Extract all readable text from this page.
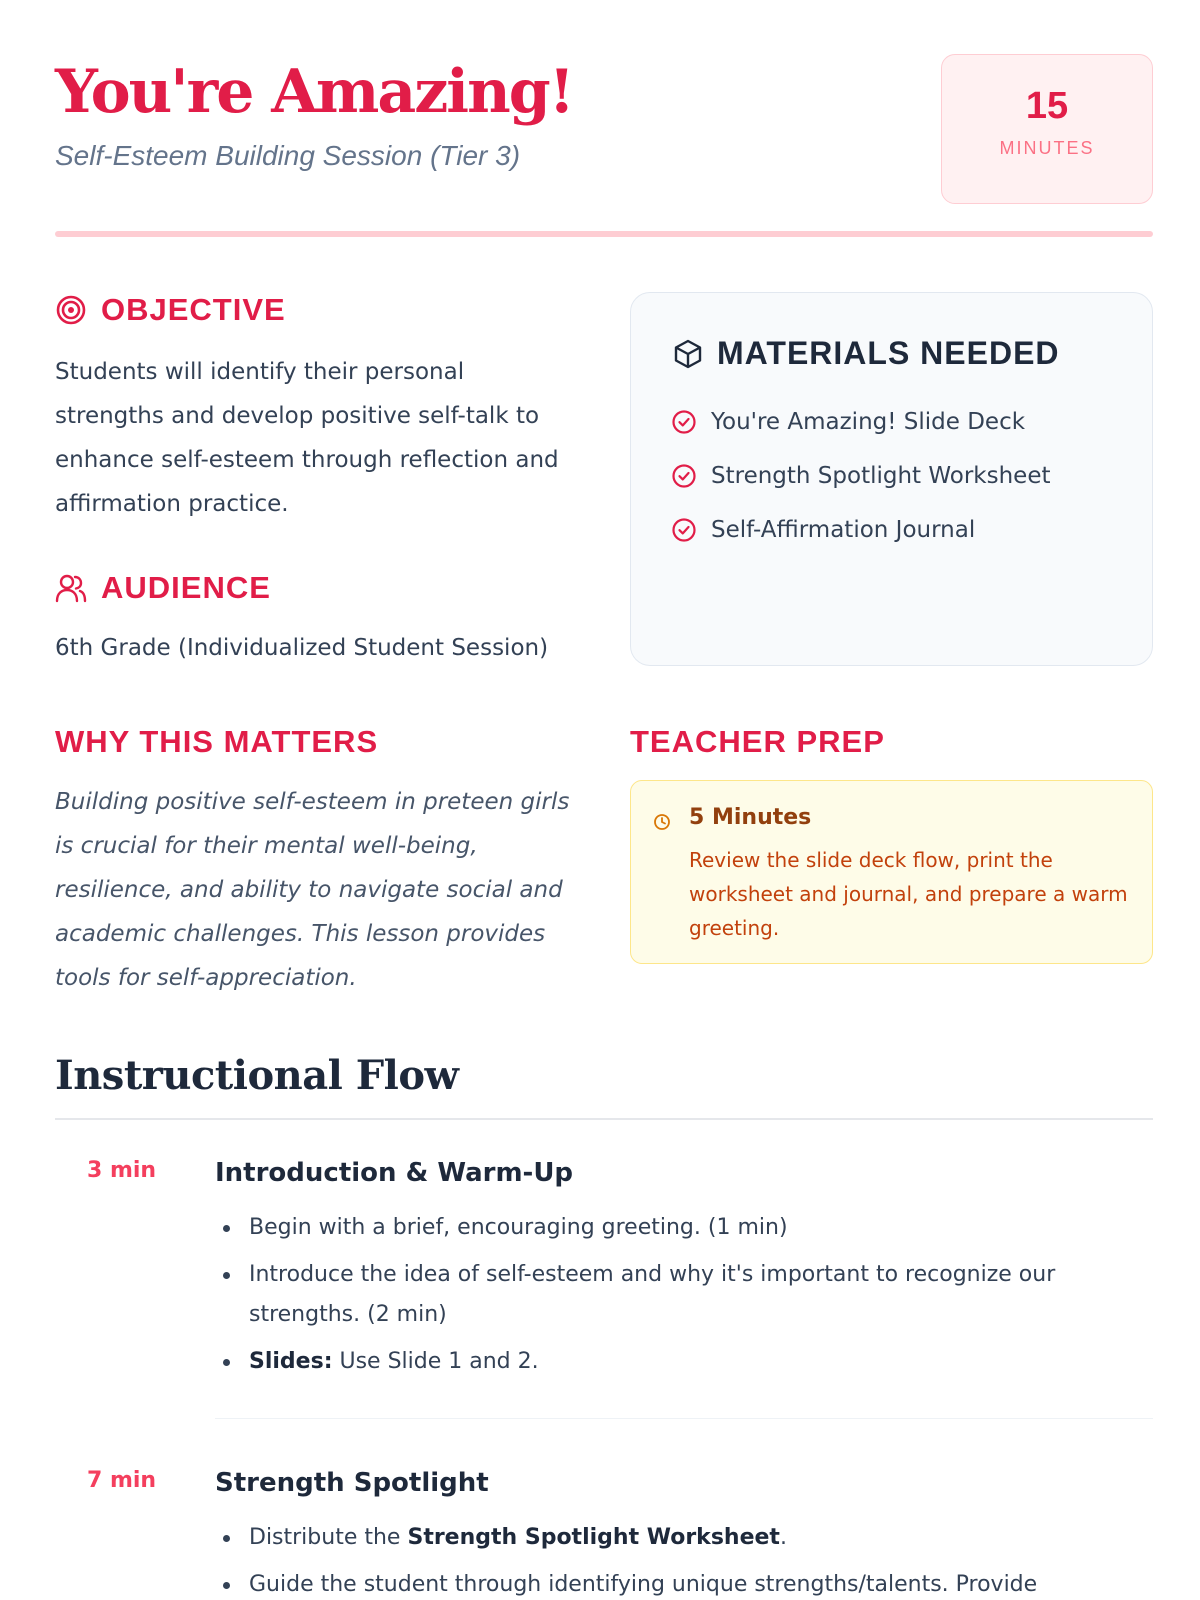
You're Amazing!
Self-Esteem Building Session (Tier 3)
15
MINUTES
OBJECTIVE

Students will identify their personal strengths and develop positive self-talk to enhance self-esteem through reflection and affirmation practice.

AUDIENCE

6th Grade (Individualized Student Session)

MATERIALS NEEDED
You're Amazing! Slide Deck
Strength Spotlight Worksheet
Self-Affirmation Journal
WHY THIS MATTERS

Building positive self-esteem in preteen girls is crucial for their mental well-being, resilience, and ability to navigate social and academic challenges. This lesson provides tools for self-appreciation.

TEACHER PREP
5 Minutes
Review the slide deck flow, print the worksheet and journal, and prepare a warm greeting.
Instructional Flow
3 min Introduction & Warm-Up
Begin with a brief, encouraging greeting. (1 min)
Introduce the idea of self-esteem and why it's important to recognize our strengths. (2 min)
Slides: Use Slide 1 and 2.
7 min Strength Spotlight
Distribute the Strength Spotlight Worksheet.
Guide the student through identifying unique strengths/talents. Provide
